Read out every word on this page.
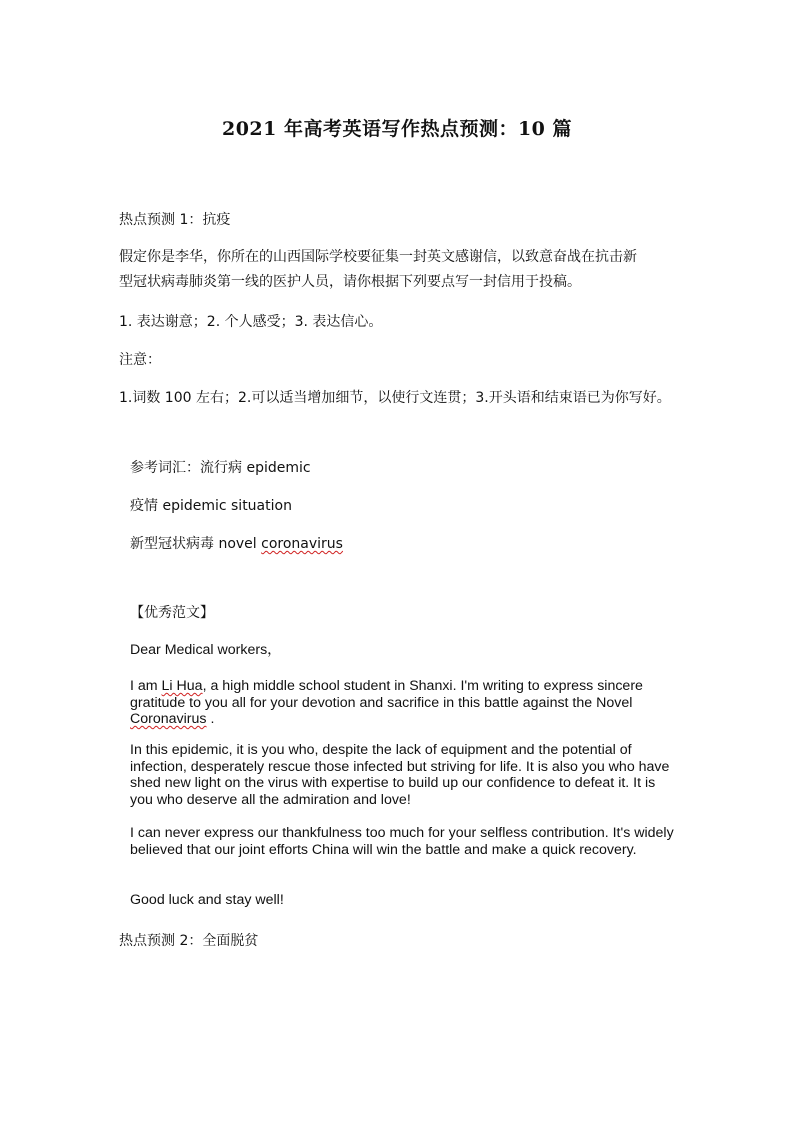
2021 年高考英语写作热点预测：10 篇
热点预测 1：抗疫
假定你是李华，你所在的山西国际学校要征集一封英文感谢信，以致意奋战在抗击新
型冠状病毒肺炎第一线的医护人员，请你根据下列要点写一封信用于投稿。
1. 表达谢意；2. 个人感受；3. 表达信心。
注意：
1.词数 100 左右；2.可以适当增加细节，以使行文连贯；3.开头语和结束语已为你写好。
参考词汇：流行病 epidemic
疫情 epidemic situation
新型冠状病毒 novel coronavirus
【优秀范文】
Dear Medical workers，
I am Li Hua, a high middle school student in Shanxi. I'm writing to express sincere gratitude to you all for your devotion and sacrifice in this battle against the Novel Coronavirus .
In this epidemic, it is you who, despite the lack of equipment and the potential of infection, desperately rescue those infected but striving for life. It is also you who have shed new light on the virus with expertise to build up our confidence to defeat it. It is you who deserve all the admiration and love!
I can never express our thankfulness too much for your selfless contribution. It's widely believed that our joint efforts China will win the battle and make a quick recovery.
Good luck and stay well!
热点预测 2：全面脱贫
